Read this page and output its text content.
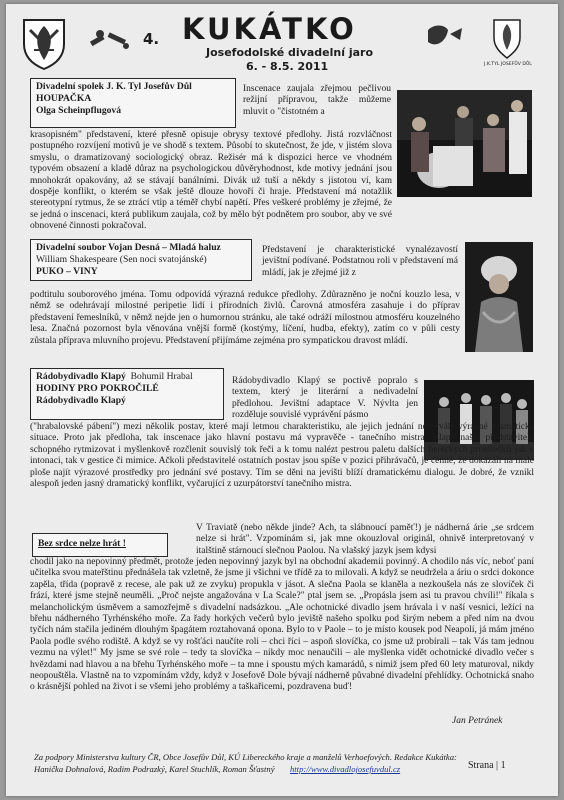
4. KUKÁTKO
Josefodolské divadelní jaro
6. - 8.5. 2011	J.K.TYL JOSEFŮV DŮL
Divadelní spolek J. K. Tyl Josefův Důl
HOUPAČKA
Olga Scheinpflugová

Inscenace zaujala zřejmou pečlivou režijní přípravou, takže můžeme mluvit o "čistotném a

krasopisném" představení, které přesně opisuje obrysy textové předlohy. Jistá rozvláčnost postupného rozvíjení motivů je ve shodě s textem. Působí to skutečnost, že jde, v jistém slova smyslu, o dramatizovaný sociologický obraz. Režisér má k dispozici herce ve vhodném typovém obsazení a kladě důraz na psychologickou důvěryhodnost, kde motivy jednání jsou mnohokrát opakovány, až se stávají banálními. Divák už tuší a někdy s jistotou ví, kam dospěje konflikt, o kterém se však ještě dlouze hovoří či hraje. Představení má notažlik stereotypní rytmus, že se ztrácí vtip a téměř chybí napětí. Přes veškeré problémy je zřejmé, že se jedná o inscenaci, která publikum zaujala, což by mělo být podnětem pro soubor, aby ve své obnovené činnosti pokračoval.

Divadelní soubor Vojan Desná – Mladá haluz
William Shakespeare (Sen noci svatojánské)
PUKO – VINY

Představení je charakteristické vynalézavostí jevištní podívané. Podstatnou roli v představení má mládí, jak je zřejmé již z

podtitulu souborového jména. Tomu odpovídá výrazná redukce předlohy. Zdůrazněno je noční kouzlo lesa, v němž se odehrávají milostné peripetie lidí i přírodních živlů. Čarovná atmosféra zasahuje i do příprav představení řemeslníků, v němž nejde jen o humornou stránku, ale také odráží milostnou atmosféru kouzelného lesa. Značná pozornost byla věnována vnější formě (kostýmy, líčení, hudba, efekty), zatím co v půli cesty zůstala příprava mluvního projevu. Představení přijímáme zejména pro sympatickou dravost mládí.

Rádobydivadlo Klapý Bohumil Hrabal
HODINY PRO POKROČILÉ
Rádobydivadlo Klapý

Rádobydivadlo Klapý se poctivě popralo s textem, který je literární a nedivadelní předlohou. Jevištní adaptace V. Nývlta jen rozděluje souvislé vyprávění pásmo

("hrabalovské pábení") mezi několik postav, které mají letmou charakteristiku, ale jejich jednání nevytváří výrazné dramatické situace. Proto jak předloha, tak inscenace jako hlavní postavu má vypravěče - tanečního mistra. Klapý našlo představitele schopného rytmizovat i myšlenkově rozčlenit souvislý tok řeči a k tomu nalézt pestrou paletu dalších hereckých prostředků jak v intonaci, tak v gestice či mimice. Ačkoli představitelé ostatních postav jsou spíše v pozici přihrávačů, je cenné, že dokázali na malé ploše najít výrazové prostředky pro jednání své postavy. Tím se děni na jevišti blíží dramatickému dialogu. Je dobré, že vznikl alespoň jeden jasný dramatický konflikt, vyčarující z uzurpátorství tanečního mistra.

Bez srdce nelze hrát !

V Traviatě (nebo někde jinde? Ach, ta slábnoucí paměť!) je nádherná árie „se srdcem nelze si hrát". Vzpomínám si, jak mne okouzloval originál, ohnivě interpretovaný v italštině stárnoucí slečnou Paolou. Na vlašský jazyk jsem kdysi

chodil jako na nepovinný předmět, protože jeden nepovinný jazyk byl na obchodní akademii povinný. A chodilo nás víc, neboť paní učitelka svou mateřštinu přednášela tak vzletně, že jsme ji všichni ve třídě za to milovali. A když se neudržela a áriu o srdci dokonce zapěla, třída (popravě z recese, ale pak už ze zvyku) propukla v jásot. A slečna Paola se klaněla a nezkoušela nás ze slovíček či frází, které jsme stejně neuměli. „Proč nejste angažována v La Scale?" ptal jsem se. „Propásla jsem asi tu pravou chvíli!" říkala s melancholickým úsměvem a samozřejmě s divadelní nadsázkou. „Ale ochotnické divadlo jsem hrávala i v naší vesnici, ležící na břehu nádherného Tyrhénského moře. Za řady horkých večerů bylo jeviště našeho spolku pod širým nebem a před ním na dvou tyčích nám stačila jediném dlouhým špagátem roztahovaná opona. Bylo to v Paole – to je místo kousek pod Neapolí, já mám jméno Paola podle svého rodiště. A když se vy rošťáci naučíte roli – chci říci – aspoň slovíčka, co jsme už probírali – tak Vás tam jednou vezmu na výlet!" My jsme se své role – tedy ta slovíčka – nikdy moc nenaučili – ale myšlenka vidět ochotnické divadlo večer s hvězdami nad hlavou a na břehu Tyrhénského moře – ta mne i spoustu mých kamarádů, s nimiž jsem před 60 lety maturoval, nikdy neopouštěla. Vlastně na to vzpomínám vždy, když v Josefově Dole bývají nádherně půvabné divadelní přehlídky. Ochotnická snaho o krásnější pohled na život i se všemi jeho problémy a taškařicemi, pozdravena buď!

Jan Petránek
Za podpory Ministerstva kultury ČR, Obce Josefův Důl, KÚ Libereckého kraje a manželů Verhoefových. Redakce Kukátka:
Hanička Dohnalová, Radim Podrazký, Karel Stuchlík, Roman Šťastný http://www.divadlojosefuvdul.cz	Strana | 1
